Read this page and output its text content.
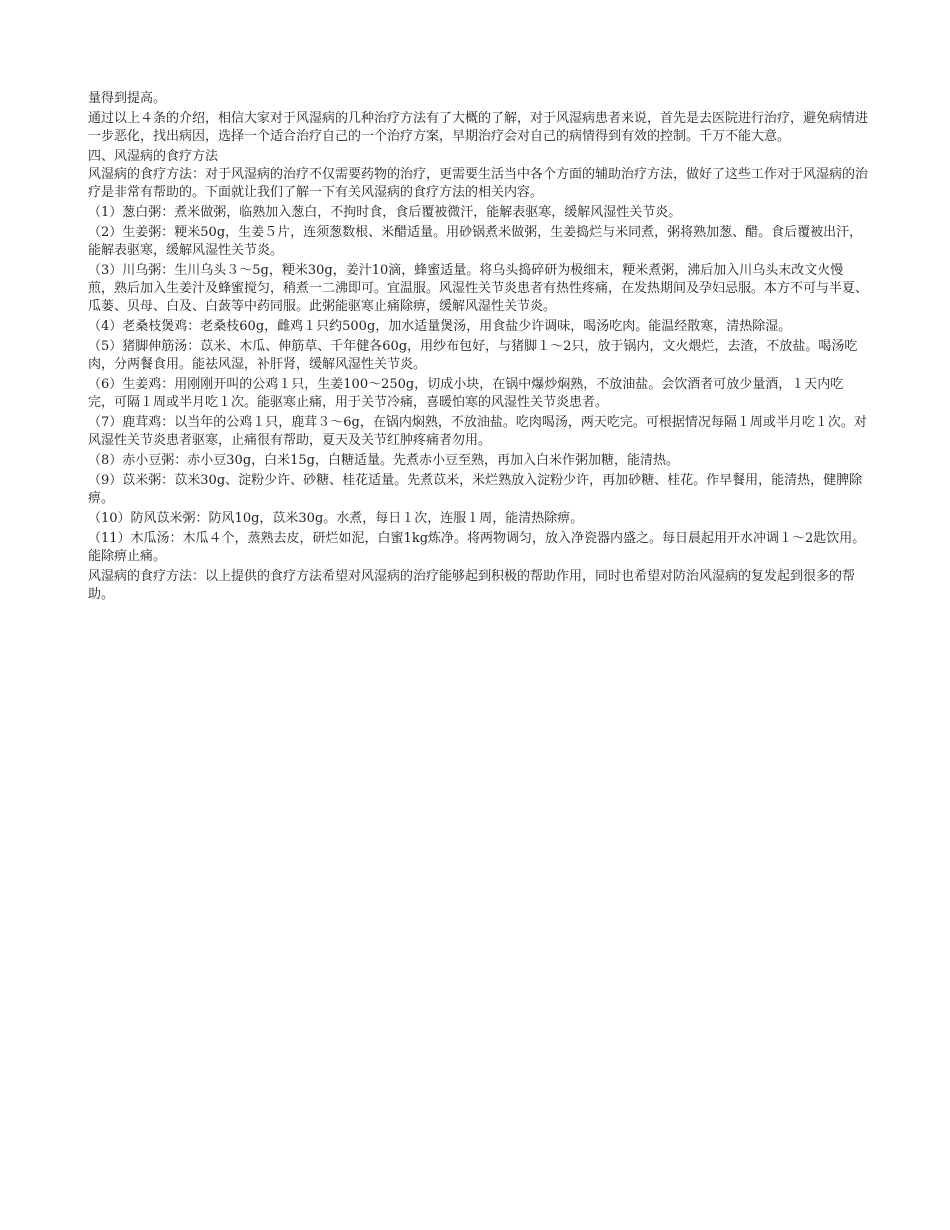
量得到提高。

通过以上４条的介绍，相信大家对于风湿病的几种治疗方法有了大概的了解，对于风湿病患者来说，首先是去医院进行治疗，避免病情进一步恶化，找出病因，选择一个适合治疗自己的一个治疗方案，早期治疗会对自己的病情得到有效的控制。千万不能大意。

四、风湿病的食疗方法

风湿病的食疗方法：对于风湿病的治疗不仅需要药物的治疗，更需要生活当中各个方面的辅助治疗方法，做好了这些工作对于风湿病的治疗是非常有帮助的。下面就让我们了解一下有关风湿病的食疗方法的相关内容。

（1）葱白粥：煮米做粥，临熟加入葱白，不拘时食，食后覆被微汗，能解表驱寒，缓解风湿性关节炎。

（2）生姜粥：粳米50g，生姜５片，连须葱数根、米醋适量。用砂锅煮米做粥，生姜捣烂与米同煮，粥将熟加葱、醋。食后覆被出汗，能解表驱寒，缓解风湿性关节炎。

（3）川乌粥：生川乌头３～5g，粳米30g，姜汁10滴，蜂蜜适量。将乌头捣碎研为极细末，粳米煮粥，沸后加入川乌头末改文火慢煎，熟后加入生姜汁及蜂蜜搅匀，稍煮一二沸即可。宜温服。风湿性关节炎患者有热性疼痛，在发热期间及孕妇忌服。本方不可与半夏、瓜蒌、贝母、白及、白蔹等中药同服。此粥能驱寒止痛除痹，缓解风湿性关节炎。

（4）老桑枝煲鸡：老桑枝60g，雌鸡１只约500g，加水适量煲汤，用食盐少许调味，喝汤吃肉。能温经散寒，清热除湿。

（5）猪脚伸筋汤：苡米、木瓜、伸筋草、千年健各60g，用纱布包好，与猪脚１～2只，放于锅内，文火煨烂，去渣，不放盐。喝汤吃肉，分两餐食用。能祛风湿，补肝肾，缓解风湿性关节炎。

（6）生姜鸡：用刚刚开叫的公鸡１只，生姜100～250g，切成小块，在锅中爆炒焖熟，不放油盐。会饮酒者可放少量酒，１天内吃完，可隔１周或半月吃１次。能驱寒止痛，用于关节冷痛，喜暖怕寒的风湿性关节炎患者。

（7）鹿茸鸡：以当年的公鸡１只，鹿茸３～6g，在锅内焖熟，不放油盐。吃肉喝汤，两天吃完。可根据情况每隔１周或半月吃１次。对风湿性关节炎患者驱寒，止痛很有帮助，夏天及关节红肿疼痛者勿用。

（8）赤小豆粥：赤小豆30g，白米15g，白糖适量。先煮赤小豆至熟，再加入白米作粥加糖，能清热。

（9）苡米粥：苡米30g、淀粉少许、砂糖、桂花适量。先煮苡米，米烂熟放入淀粉少许，再加砂糖、桂花。作早餐用，能清热，健脾除痹。

（10）防风苡米粥：防风10g，苡米30g。水煮，每日１次，连服１周，能清热除痹。

（11）木瓜汤：木瓜４个，蒸熟去皮，研烂如泥，白蜜1kg炼净。将两物调匀，放入净瓷器内盛之。每日晨起用开水冲调１～2匙饮用。能除痹止痛。

风湿病的食疗方法：以上提供的食疗方法希望对风湿病的治疗能够起到积极的帮助作用，同时也希望对防治风湿病的复发起到很多的帮助。
